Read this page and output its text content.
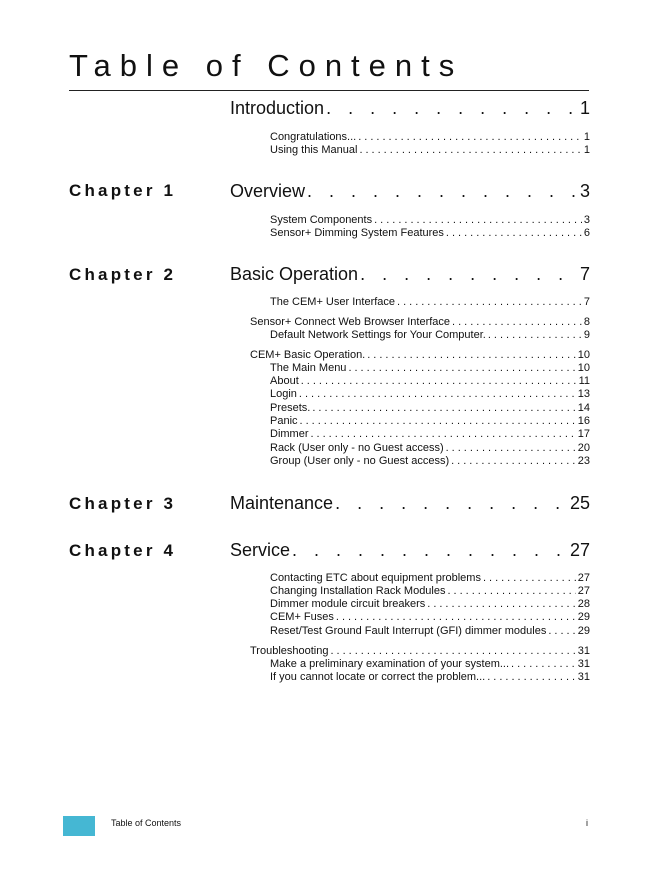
Table of Contents
Introduction . . .	1
Congratulations... .....	1
Using this Manual .....	1
Chapter 1	Overview . . .	3
System Components .....	3
Sensor+ Dimming System Features .....	6
Chapter 2	Basic Operation . . .	7
The CEM+ User Interface .....	7
Sensor+ Connect Web Browser Interface .....	8
Default Network Settings for Your Computer. .....	9
CEM+ Basic Operation. .....	10
The Main Menu .....	10
About .....	11
Login .....	13
Presets. .....	14
Panic .....	16
Dimmer .....	17
Rack (User only - no Guest access) .....	20
Group (User only - no Guest access) .....	23
Chapter 3	Maintenance . . .	25
Chapter 4	Service . . .	27
Contacting ETC about equipment problems .....	27
Changing Installation Rack Modules .....	27
Dimmer module circuit breakers .....	28
CEM+ Fuses .....	29
Reset/Test Ground Fault Interrupt (GFI) dimmer modules .....	29
Troubleshooting .....	31
Make a preliminary examination of your system... .....	31
If you cannot locate or correct the problem... .....	31
Table of Contents	i
